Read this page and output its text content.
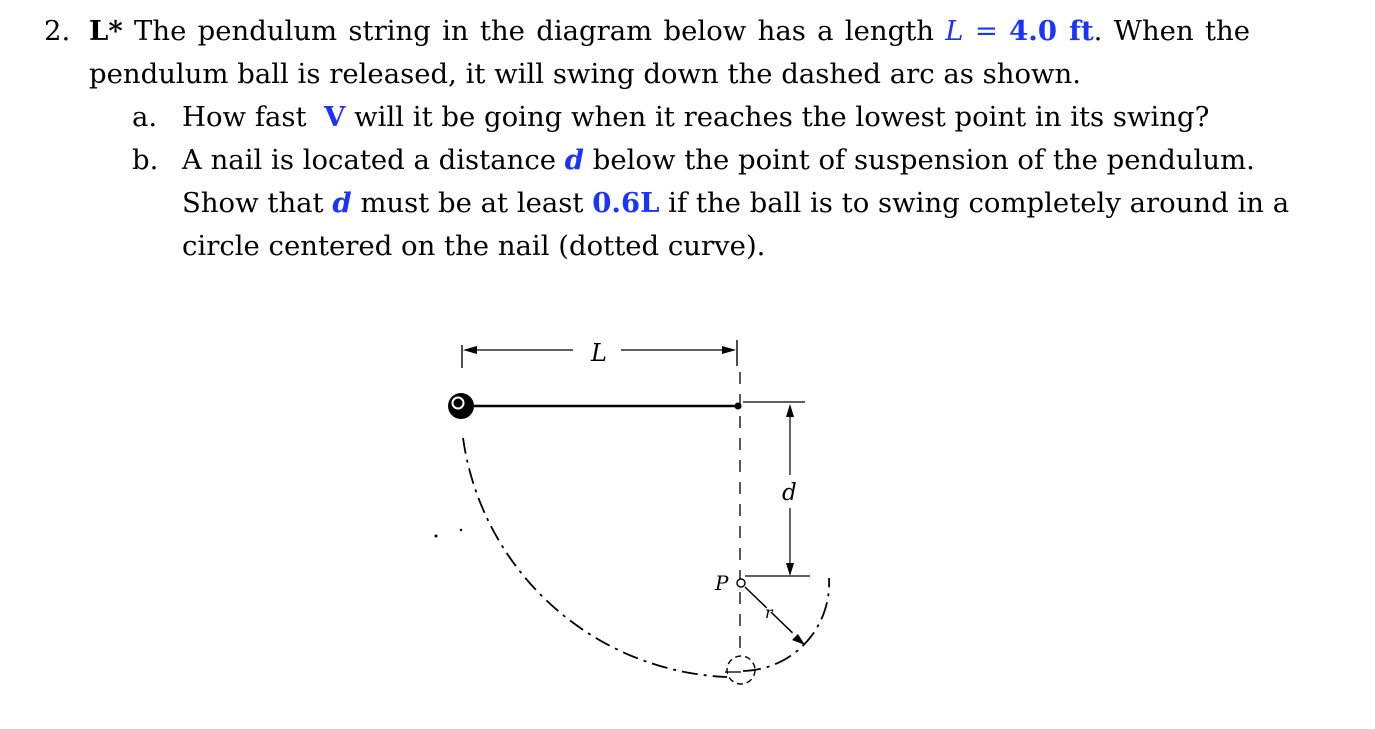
2. L* The pendulum string in the diagram below has a length L = 4.0 ft. When the
pendulum ball is released, it will swing down the dashed arc as shown.
a. How fast V will it be going when it reaches the lowest point in its swing?
b. A nail is located a distance d below the point of suspension of the pendulum.
Show that d must be at least 0.6L if the ball is to swing completely around in a
circle centered on the nail (dotted curve).
L
d
P
r
